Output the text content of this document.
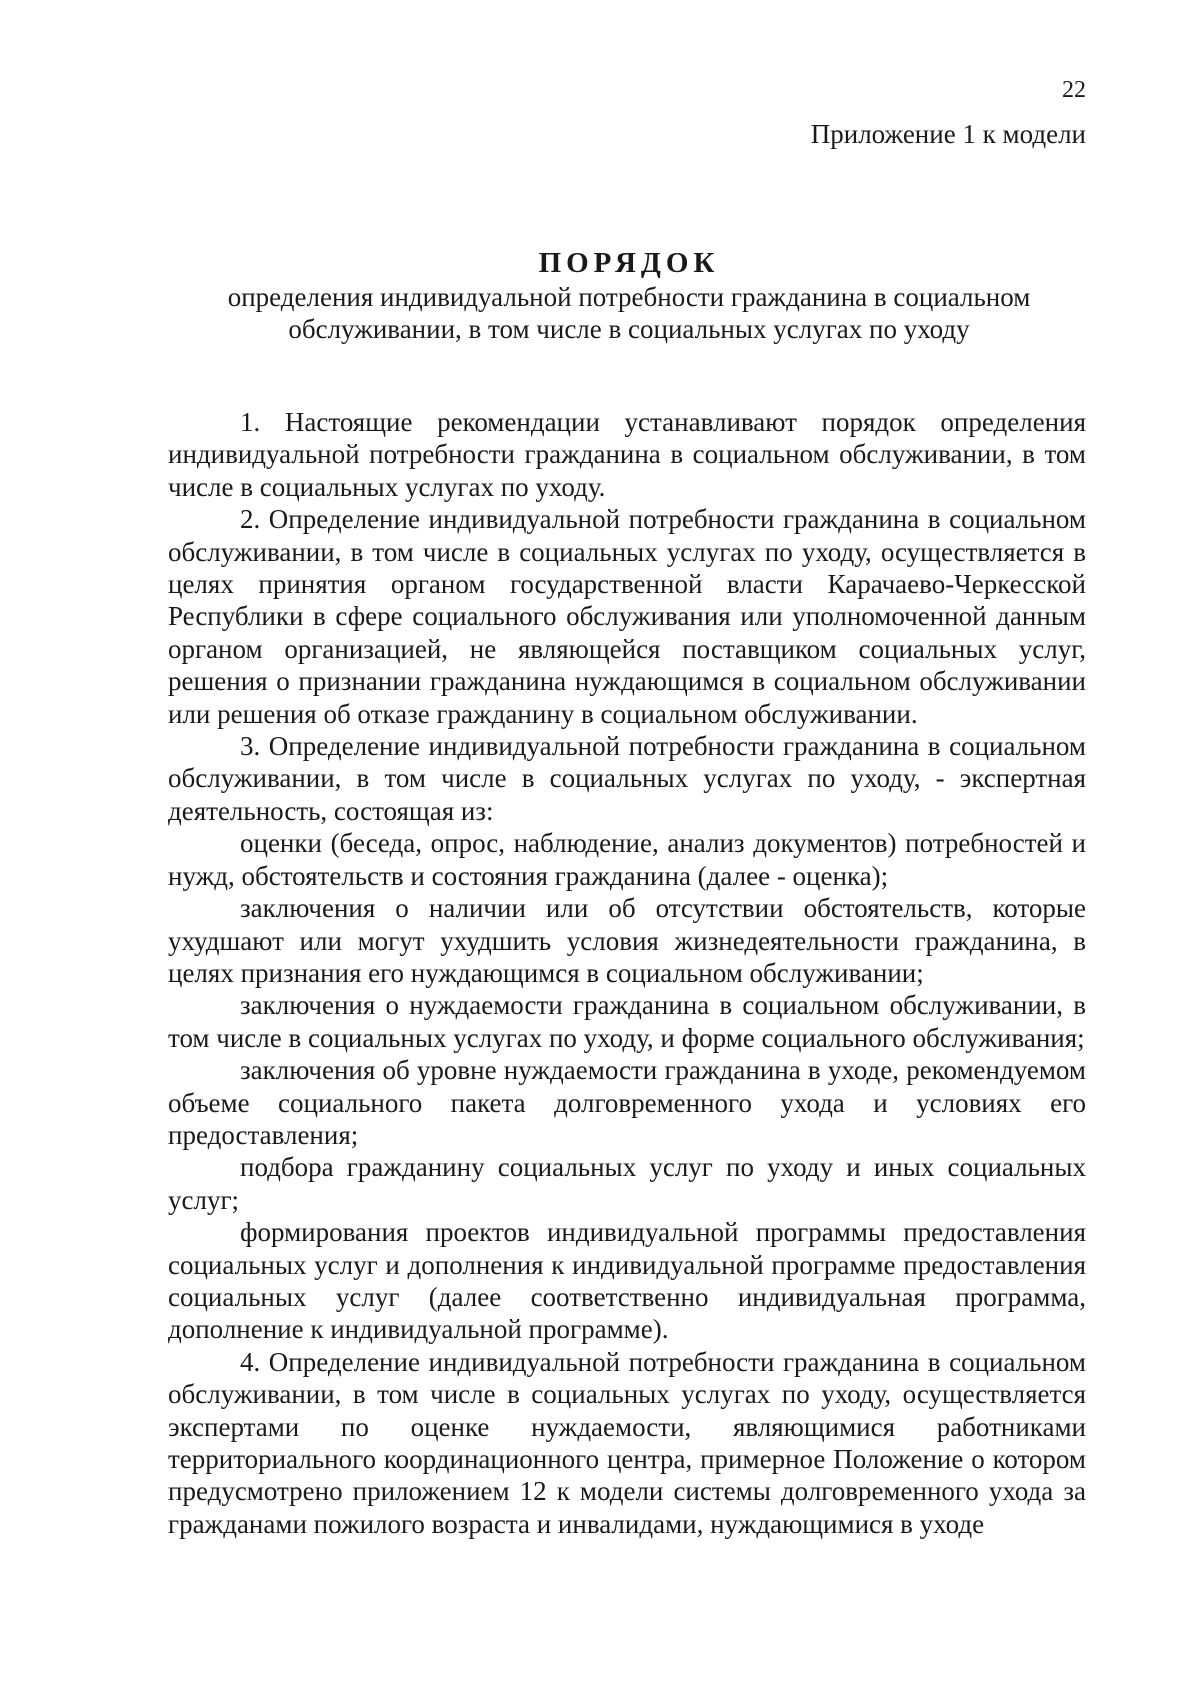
22
Приложение 1 к модели
ПОРЯДОК
определения индивидуальной потребности гражданина в социальном
обслуживании, в том числе в социальных услугах по уходу

1. Настоящие рекомендации устанавливают порядок определения индивидуальной потребности гражданина в социальном обслуживании, в том числе в социальных услугах по уходу.

2. Определение индивидуальной потребности гражданина в социальном обслуживании, в том числе в социальных услугах по уходу, осуществляется в целях принятия органом государственной власти Карачаево-Черкесской Республики в сфере социального обслуживания или уполномоченной данным органом организацией, не являющейся поставщиком социальных услуг, решения о признании гражданина нуждающимся в социальном обслуживании или решения об отказе гражданину в социальном обслуживании.

3. Определение индивидуальной потребности гражданина в социальном обслуживании, в том числе в социальных услугах по уходу, - экспертная деятельность, состоящая из:

оценки (беседа, опрос, наблюдение, анализ документов) потребностей и нужд, обстоятельств и состояния гражданина (далее - оценка);

заключения о наличии или об отсутствии обстоятельств, которые ухудшают или могут ухудшить условия жизнедеятельности гражданина, в целях признания его нуждающимся в социальном обслуживании;

заключения о нуждаемости гражданина в социальном обслуживании, в том числе в социальных услугах по уходу, и форме социального обслуживания;

заключения об уровне нуждаемости гражданина в уходе, рекомендуемом объеме социального пакета долговременного ухода и условиях его предоставления;

подбора гражданину социальных услуг по уходу и иных социальных услуг;

формирования проектов индивидуальной программы предоставления социальных услуг и дополнения к индивидуальной программе предоставления социальных услуг (далее соответственно индивидуальная программа, дополнение к индивидуальной программе).

4. Определение индивидуальной потребности гражданина в социальном обслуживании, в том числе в социальных услугах по уходу, осуществляется экспертами по оценке нуждаемости, являющимися работниками территориального координационного центра, примерное Положение о котором предусмотрено приложением 12 к модели системы долговременного ухода за гражданами пожилого возраста и инвалидами, нуждающимися в уходе
